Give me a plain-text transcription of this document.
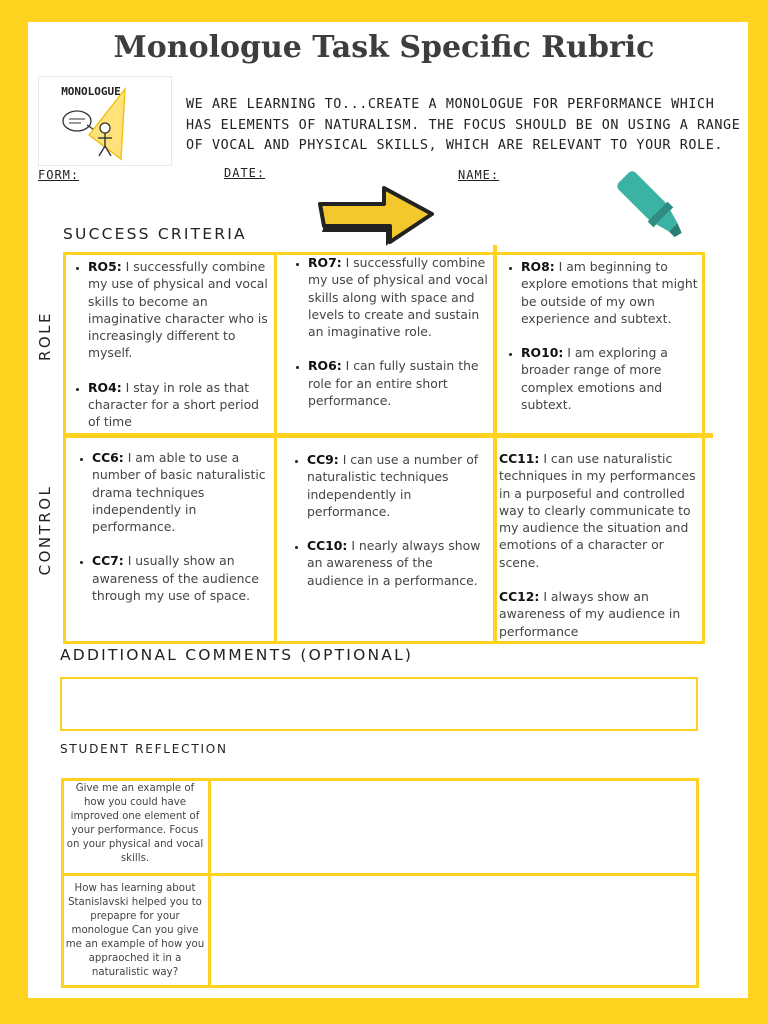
Monologue Task Specific Rubric
MONOLOGUE
WE ARE LEARNING TO...CREATE A MONOLOGUE FOR PERFORMANCE WHICH HAS ELEMENTS OF NATURALISM. THE FOCUS SHOULD BE ON USING A RANGE OF VOCAL AND PHYSICAL SKILLS, WHICH ARE RELEVANT TO YOUR ROLE.
FORM:	DATE:	NAME:
SUCCESS CRITERIA
ROLE
CONTROL
• RO5: I successfully combine my use of physical and vocal skills to become an imaginative character who is increasingly different to myself.
• RO4: I stay in role as that character for a short period of time
• RO7: I successfully combine my use of physical and vocal skills along with space and levels to create and sustain an imaginative role.
• RO6: I can fully sustain the role for an entire short performance.
• RO8: I am beginning to explore emotions that might be outside of my own experience and subtext.
• RO10: I am exploring a broader range of more complex emotions and subtext.
• CC6: I am able to use a number of basic naturalistic drama techniques independently in performance.
• CC7: I usually show an awareness of the audience through my use of space.
• CC9: I can use a number of naturalistic techniques independently in performance.
• CC10: I nearly always show an awareness of the audience in a performance.

CC11: I can use naturalistic techniques in my performances in a purposeful and controlled way to clearly communicate to my audience the situation and emotions of a character or scene.

CC12: I always show an awareness of my audience in performance

ADDITIONAL COMMENTS (OPTIONAL)
STUDENT REFLECTION
Give me an example of how you could have improved one element of your performance. Focus on your physical and vocal skills.
How has learning about Stanislavski helped you to prepapre for your monologue Can you give me an example of how you appraoched it in a naturalistic way?
